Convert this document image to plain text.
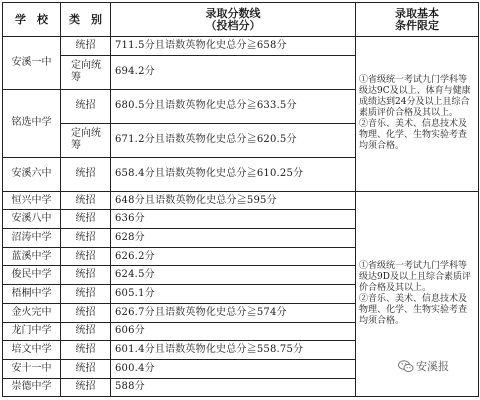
学　校	类　别	录取分数线
（投档分）	录取基本
条件限定

安溪一中	统招	711.5分且语数英物化史总分≧658分	①省级统一考试九门学科等级达9C及以上、体育与健康成绩达到24分及以上且综合素质评价合格及其以上。
②音乐、美术、信息技术及物理、化学、生物实验考查均须合格。

	定向统筹	694.2分	
铭选中学	统招	680.5分且语数英物化史总分≧633.5分	
	定向统筹	671.2分且语数英物化史总分≧620.5分	
安溪六中	统招	658.4分且语数英物化史总分≧610.25分	
恒兴中学	统招	648分且语数英物化史总分≧595分	①省级统一考试九门学科等级达9D及以上且综合素质评价合格及其以上。
②音乐、美术、信息技术及物理、化学、生物实验考查均须合格。

安溪八中	统招	636分	
沼涛中学	统招	628分	
蓝溪中学	统招	626.2分	
俊民中学	统招	624.5分	
梧桐中学	统招	605.1分	
金火完中	统招	626.7分且语数英物化史总分≧574分	
龙门中学	统招	606分	
培文中学	统招	601.4分且语数英物化史总分≧558.75分	
安十一中	统招	600.4分	
崇德中学	统招	588分	
安溪报
